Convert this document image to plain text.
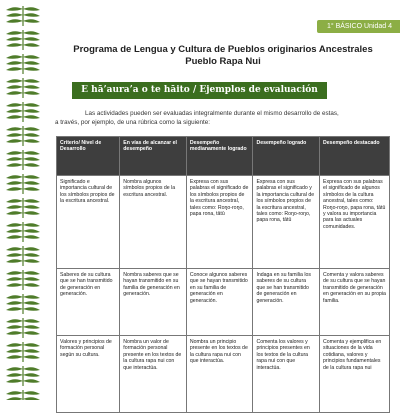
1° BÁSICO Unidad 4
Programa de Lengua y Cultura de Pueblos originarios Ancestrales
Pueblo Rapa Nui
E hā’aura’a o te hāito / Ejemplos de evaluación

Las actividades pueden ser evaluadas integralmente durante el mismo desarrollo de estas,

a través, por ejemplo, de una rúbrica como la siguiente:

Criterio/ Nivel de Desarrollo	En vías de alcanzar el desempeño	Desempeño medianamente logrado	Desempeño logrado	Desempeño destacado
Significado e importancia cultural de los símbolos propios de la escritura ancestral.	Nombra algunos símbolos propios de la escritura ancestral.	Expresa con sus palabras el significado de los símbolos propios de la escritura ancestral, tales como: Roŋo-roŋo, papa rona, tātū	Expresa con sus palabras el significado y la importancia cultural de los símbolos propios de la escritura ancestral, tales como: Roŋo-roŋo, papa rona, tātū	Expresa con sus palabras el significado de algunos símbolos de la cultura ancestral, tales como: Roŋo-roŋo, papa rona, tātū y valora su importancia para las actuales comunidades.
Saberes de su cultura que se han transmitido de generación en generación.	Nombra saberes que se hayan transmitido en su familia de generación en generación.	Conoce algunos saberes que se hayan transmitido en su familia de generación en generación.	Indaga en su familia los saberes de su cultura que se han transmitido de generación en generación.	Comenta y valora saberes de su cultura que se hayan transmitido de generación en generación en su propia familia.
Valores y principios de formación personal según su cultura.	Nombra un valor de formación personal presente en los textos de la cultura rapa nui con que interactúa.	Nombra un principio presente en los textos de la cultura rapa nui con que interactúa.	Comenta los valores y principios presentes en los textos de la cultura rapa nui con que interactúa.	Comenta y ejemplifica en situaciones de la vida cotidiana, valores y principios fundamentales de la cultura rapa nui
